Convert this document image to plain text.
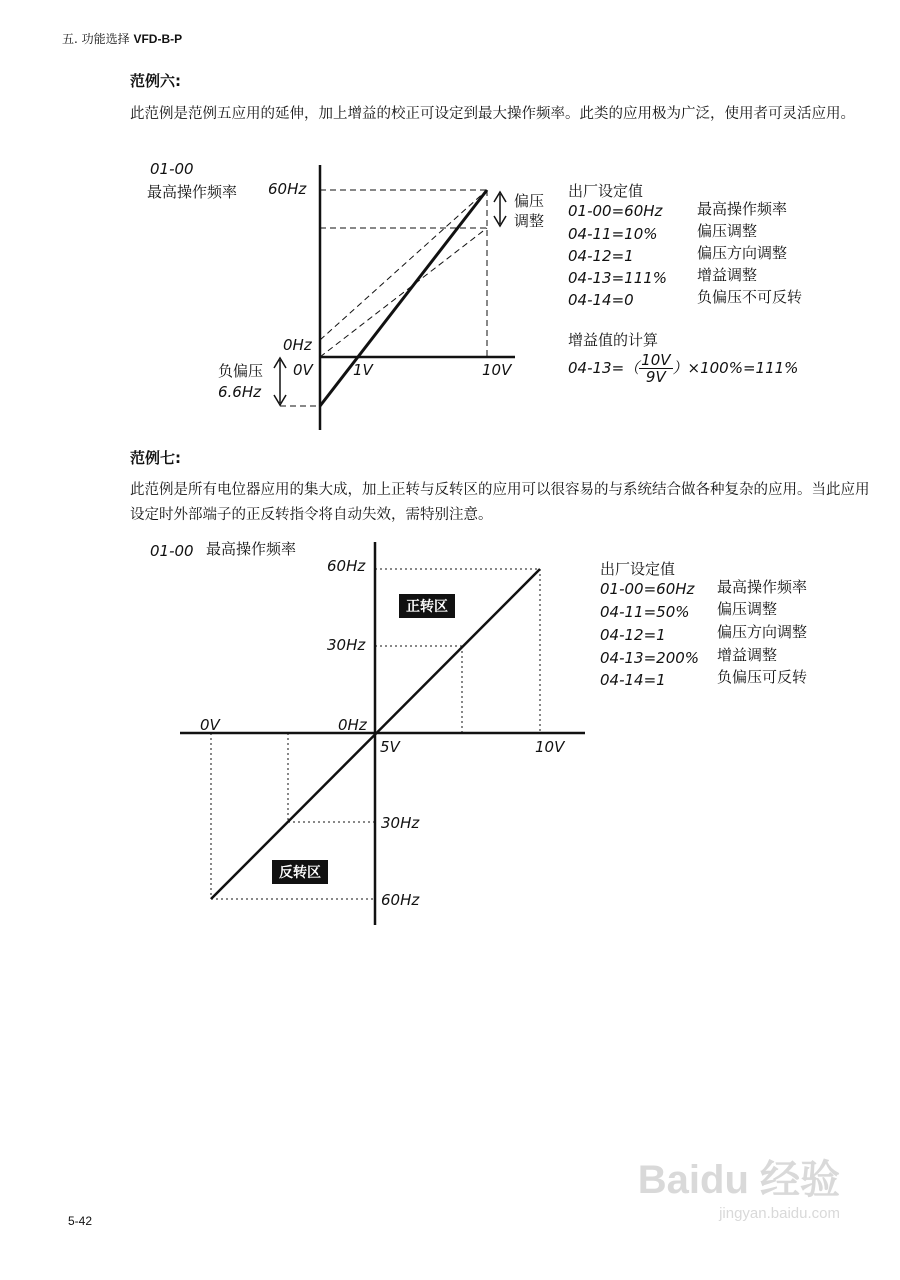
五. 功能选择 VFD-B-P
范例六:
此范例是范例五应用的延伸，加上增益的校正可设定到最大操作频率。此类的应用极为广泛，使用者可灵活应用。
01-00
最高操作频率 60Hz
0Hz
0V	1V	10V
偏压
调整
负偏压
6.6Hz
出厂设定值
01-00=60Hz 最高操作频率
04-11=10%	偏压调整
04-12=1	偏压方向调整
04-13=111% 增益调整
04-14=0	负偏压不可反转
增益值的计算
$04-13=( \frac{10V}{9V} )\times 100\%=111\%$
范例七:
此范例是所有电位器应用的集大成，加上正转与反转区的应用可以很容易的与系统结合做各种复杂的应用。当此应用设定时外部端子的正反转指令将自动失效，需特别注意。
01-00 最高操作频率
60Hz
30Hz
0Hz
0V
5V	10V
30Hz
60Hz
正转区
反转区
出厂设定值
01-00=60Hz 最高操作频率
04-11=50% 偏压调整
04-12=1	偏压方向调整
04-13=200% 增益调整
04-14=1	负偏压可反转
5-42
Baidu 经验
jingyan.baidu.com
